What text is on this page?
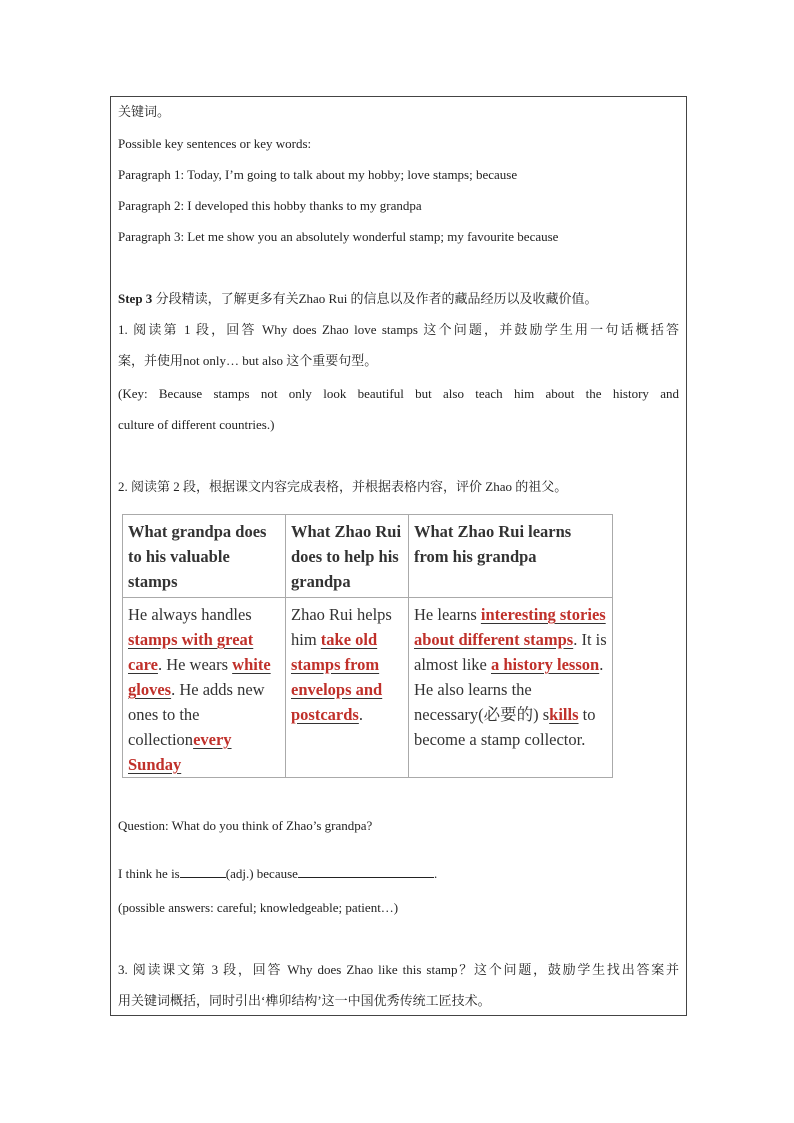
关键词。
Possible key sentences or key words:
Paragraph 1: Today, I’m going to talk about my hobby; love stamps; because
Paragraph 2: I developed this hobby thanks to my grandpa
Paragraph 3: Let me show you an absolutely wonderful stamp; my favourite because
Step 3 分段精读，了解更多有关Zhao Rui 的信息以及作者的藏品经历以及收藏价值。
1. 阅读第 1 段，回答 Why does Zhao love stamps 这个问题，并鼓励学生用一句话概括答
案，并使用not only… but also 这个重要句型。
(Key: Because stamps not only look beautiful but also teach him about the history and
culture of different countries.)
2. 阅读第 2 段，根据课文内容完成表格，并根据表格内容，评价 Zhao 的祖父。
What grandpa does to his valuable stamps	What Zhao Rui does to help his grandpa	What Zhao Rui learns from his grandpa
He always handles stamps with great care. He wears white gloves. He adds new ones to the collectionevery Sunday	Zhao Rui helps him take old stamps from envelops and postcards.	He learns interesting stories about different stamps. It is almost like a history lesson. He also learns the necessary(必要的) skills to become a stamp collector.
Question: What do you think of Zhao’s grandpa?
I think he is	(adj.) because	.
(possible answers: careful; knowledgeable; patient…)
3. 阅读课文第 3 段，回答 Why does Zhao like this stamp？这个问题，鼓励学生找出答案并
用关键词概括，同时引出‘榫卯结构’这一中国优秀传统工匠技术。
